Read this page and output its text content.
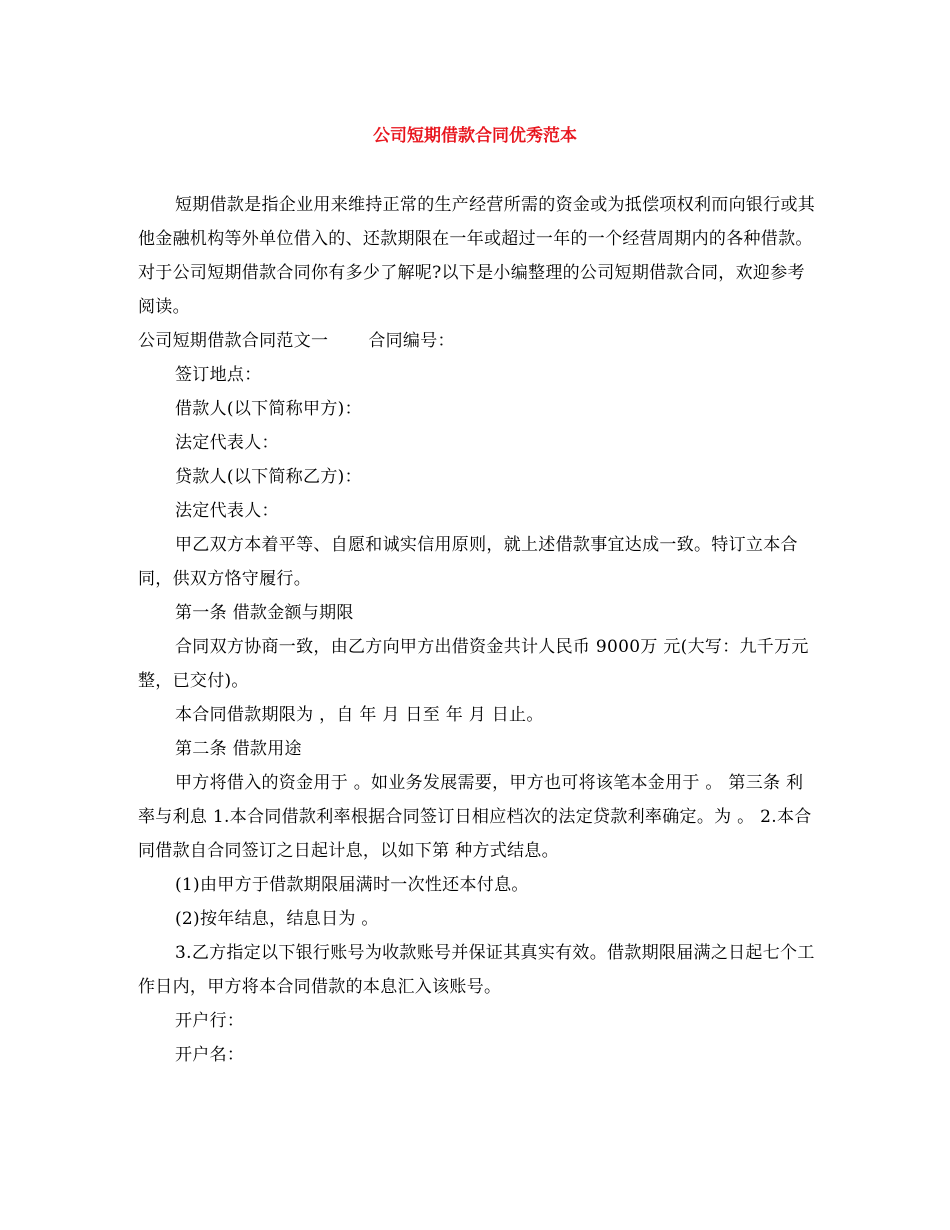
公司短期借款合同优秀范本

短期借款是指企业用来维持正常的生产经营所需的资金或为抵偿项权利而向银行或其他金融机构等外单位借入的、还款期限在一年或超过一年的一个经营周期内的各种借款。对于公司短期借款合同你有多少了解呢?以下是小编整理的公司短期借款合同，欢迎参考阅读。

公司短期借款合同范文一 合同编号：

签订地点：

借款人(以下简称甲方)：

法定代表人：

贷款人(以下简称乙方)：

法定代表人：

甲乙双方本着平等、自愿和诚实信用原则，就上述借款事宜达成一致。特订立本合同，供双方恪守履行。

第一条 借款金额与期限

合同双方协商一致，由乙方向甲方出借资金共计人民币 9000万 元(大写：九千万元整，已交付)。

本合同借款期限为 ，自 年 月 日至 年 月 日止。

第二条 借款用途

甲方将借入的资金用于 。如业务发展需要，甲方也可将该笔本金用于 。 第三条 利率与利息 1.本合同借款利率根据合同签订日相应档次的法定贷款利率确定。为 。 2.本合同借款自合同签订之日起计息，以如下第 种方式结息。

(1)由甲方于借款期限届满时一次性还本付息。

(2)按年结息，结息日为 。

3.乙方指定以下银行账号为收款账号并保证其真实有效。借款期限届满之日起七个工作日内，甲方将本合同借款的本息汇入该账号。

开户行：

开户名：
